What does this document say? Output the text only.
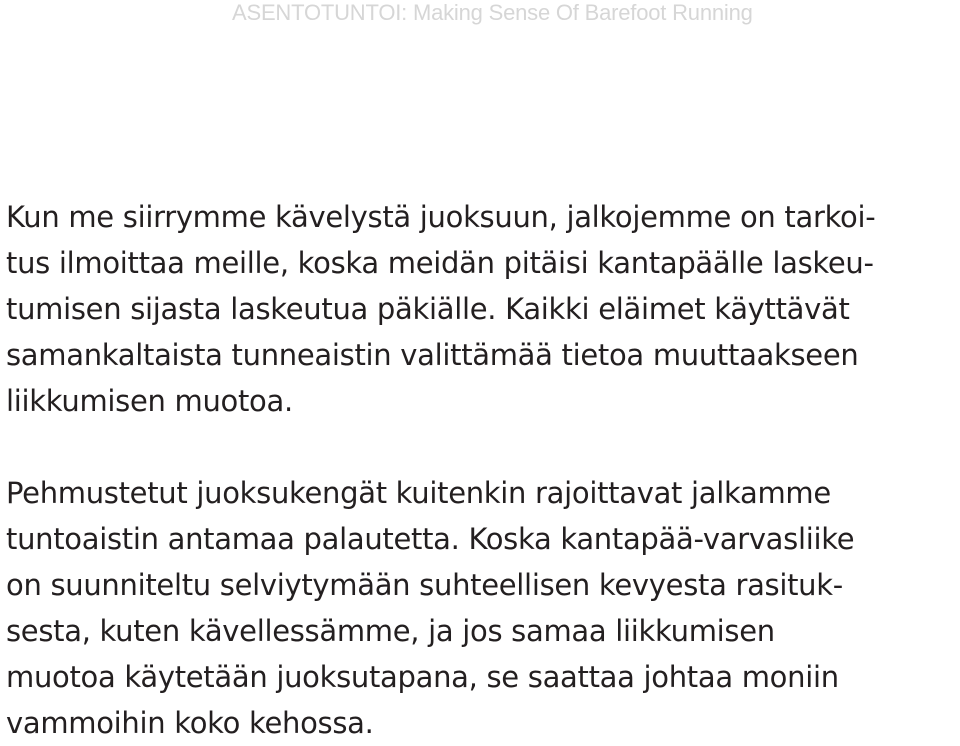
ASENTOTUNTOI: Making Sense Of Barefoot Running
Kun me siirrymme kävelystä juoksuun, jalkojemme on tarkoi-
tus ilmoittaa meille, koska meidän pitäisi kantapäälle laskeu-
tumisen sijasta laskeutua päkiälle. Kaikki eläimet käyttävät
samankaltaista tunneaistin valittämää tietoa muuttaakseen
liikkumisen muotoa.
Pehmustetut juoksukengät kuitenkin rajoittavat jalkamme
tuntoaistin antamaa palautetta. Koska kantapää-varvasliike
on suunniteltu selviytymään suhteellisen kevyesta rasituk-
sesta, kuten kävellessämme, ja jos samaa liikkumisen
muotoa käytetään juoksutapana, se saattaa johtaa moniin
vammoihin koko kehossa.
